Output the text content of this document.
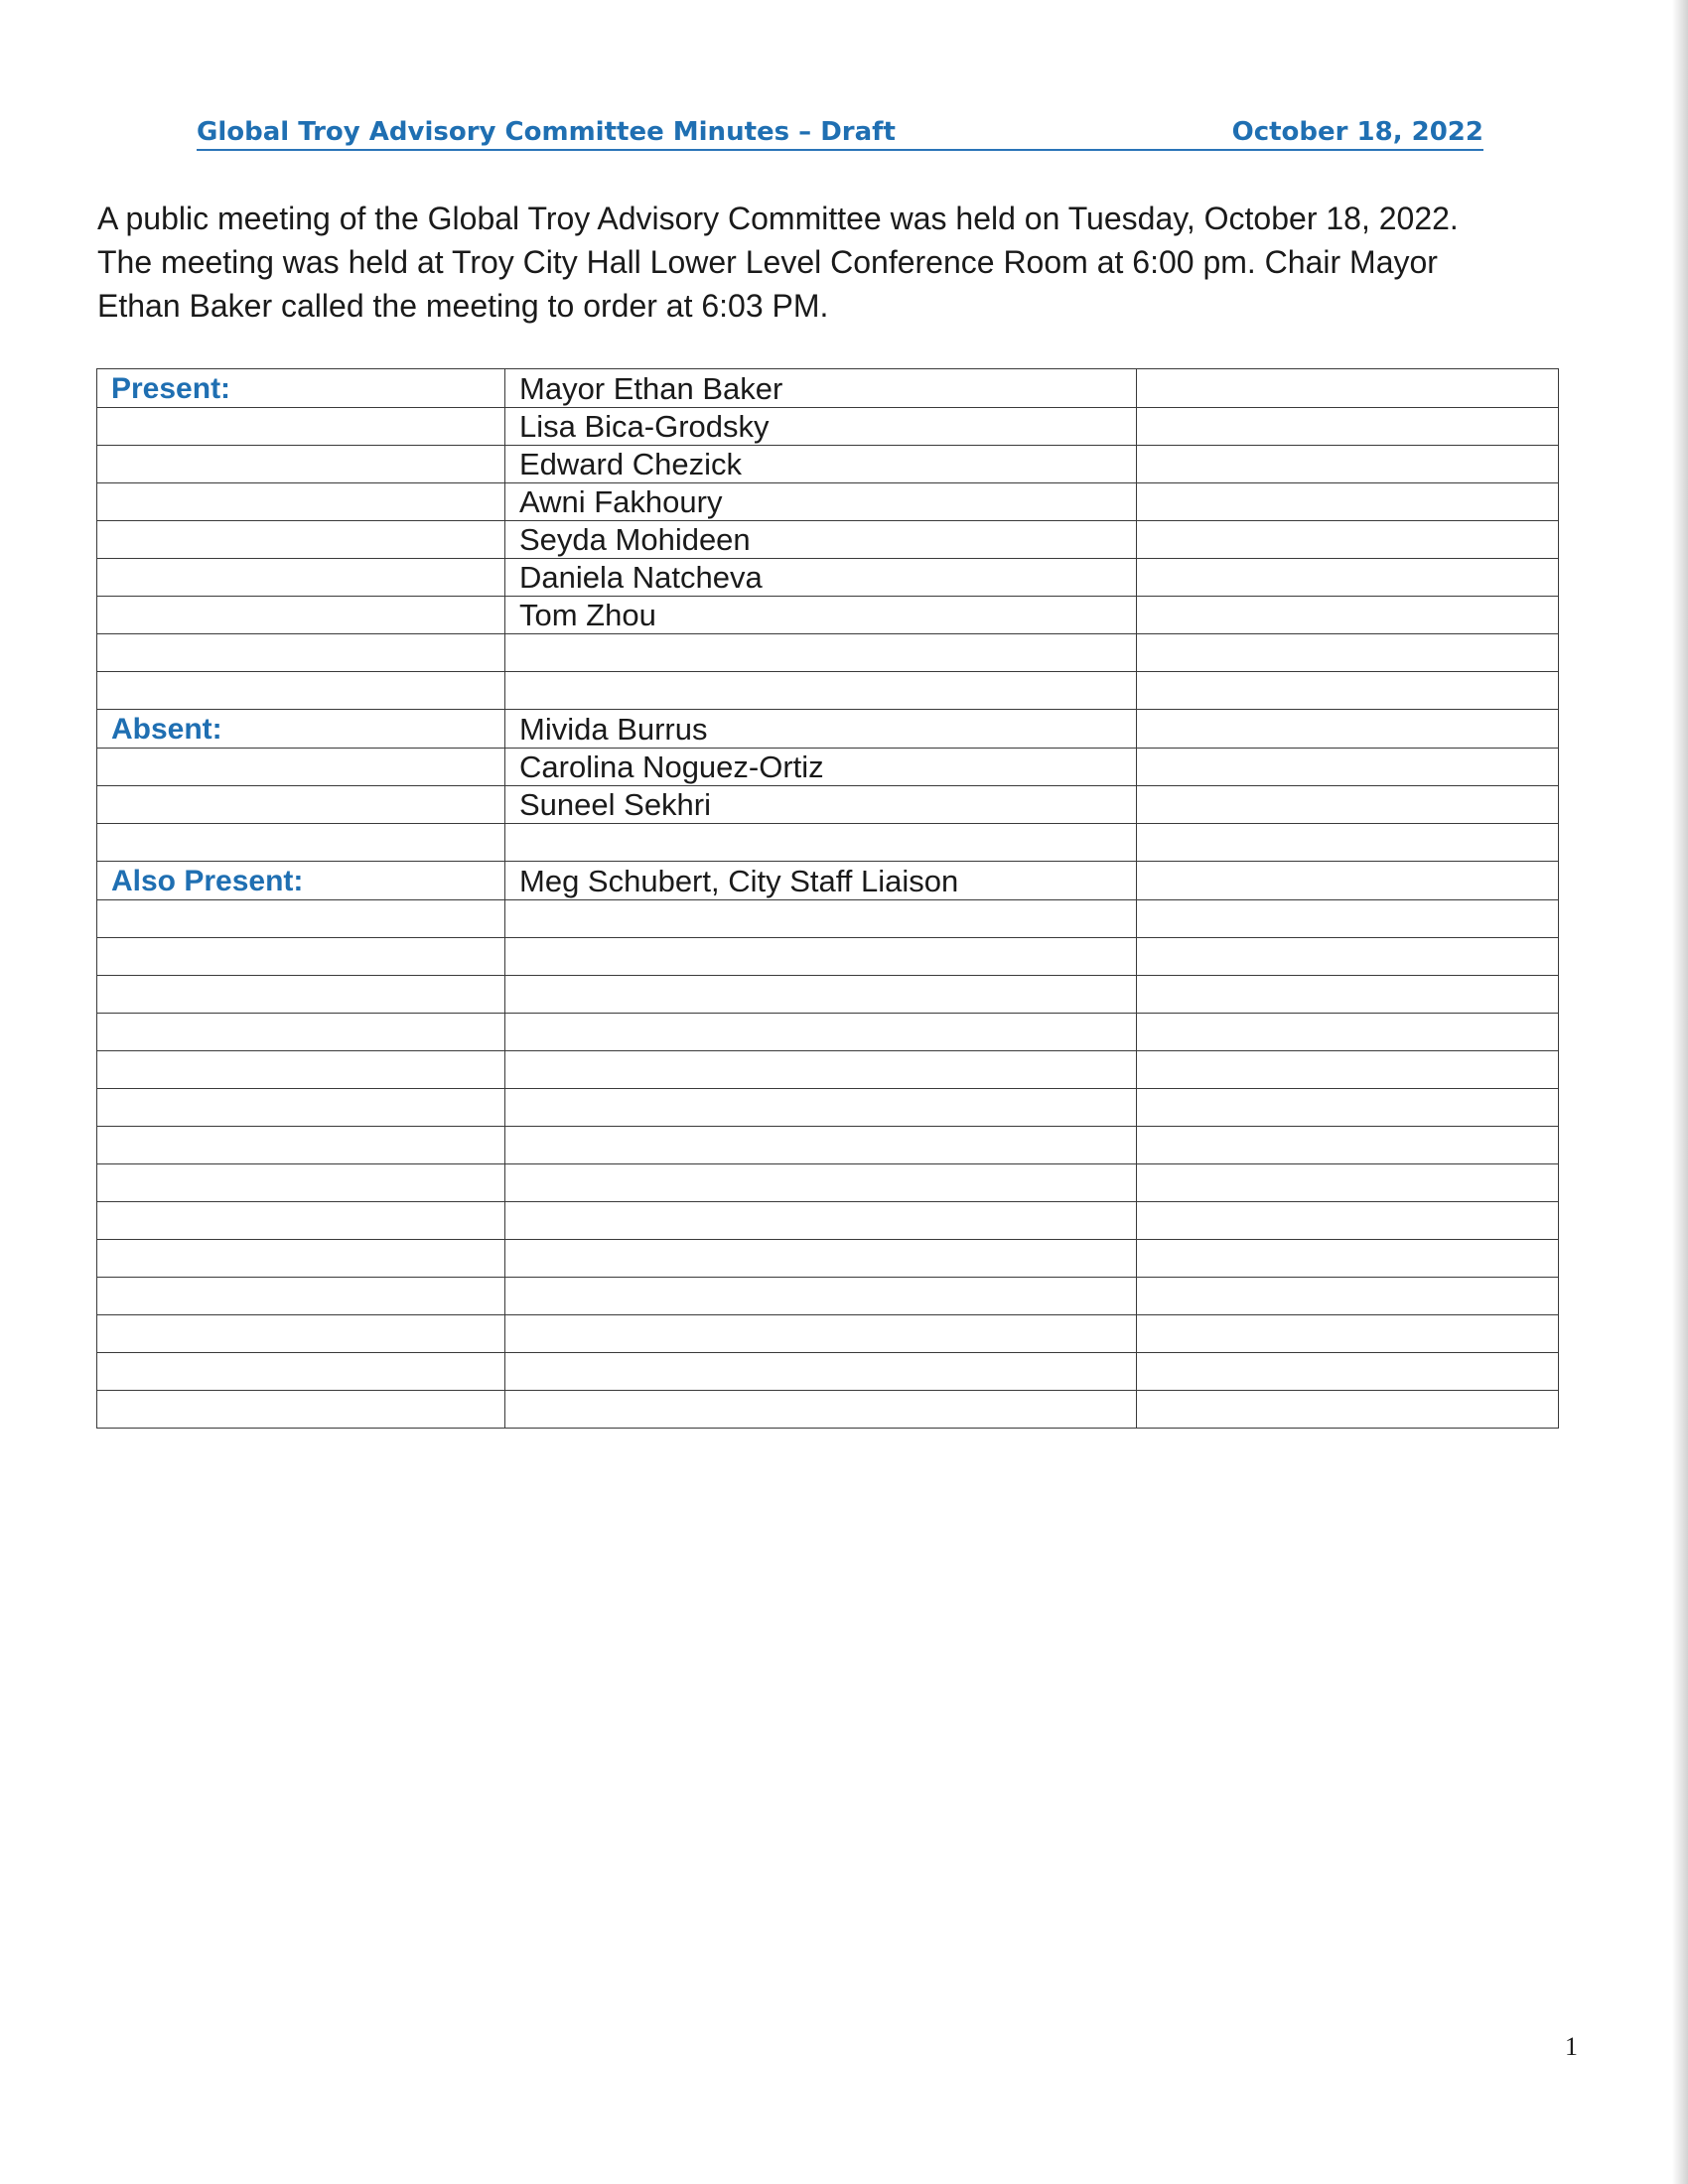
Global Troy Advisory Committee Minutes – Draft	October 18, 2022
A public meeting of the Global Troy Advisory Committee was held on Tuesday, October 18, 2022.
The meeting was held at Troy City Hall Lower Level Conference Room at 6:00 pm. Chair Mayor
Ethan Baker called the meeting to order at 6:03 PM.
Present:	Mayor Ethan Baker	
	Lisa Bica-Grodsky	
	Edward Chezick	
	Awni Fakhoury	
	Seyda Mohideen	
	Daniela Natcheva	
	Tom Zhou	

Absent:	Mivida Burrus	
	Carolina Noguez-Ortiz	
	Suneel Sekhri	

Also Present:	Meg Schubert, City Staff Liaison	

1
